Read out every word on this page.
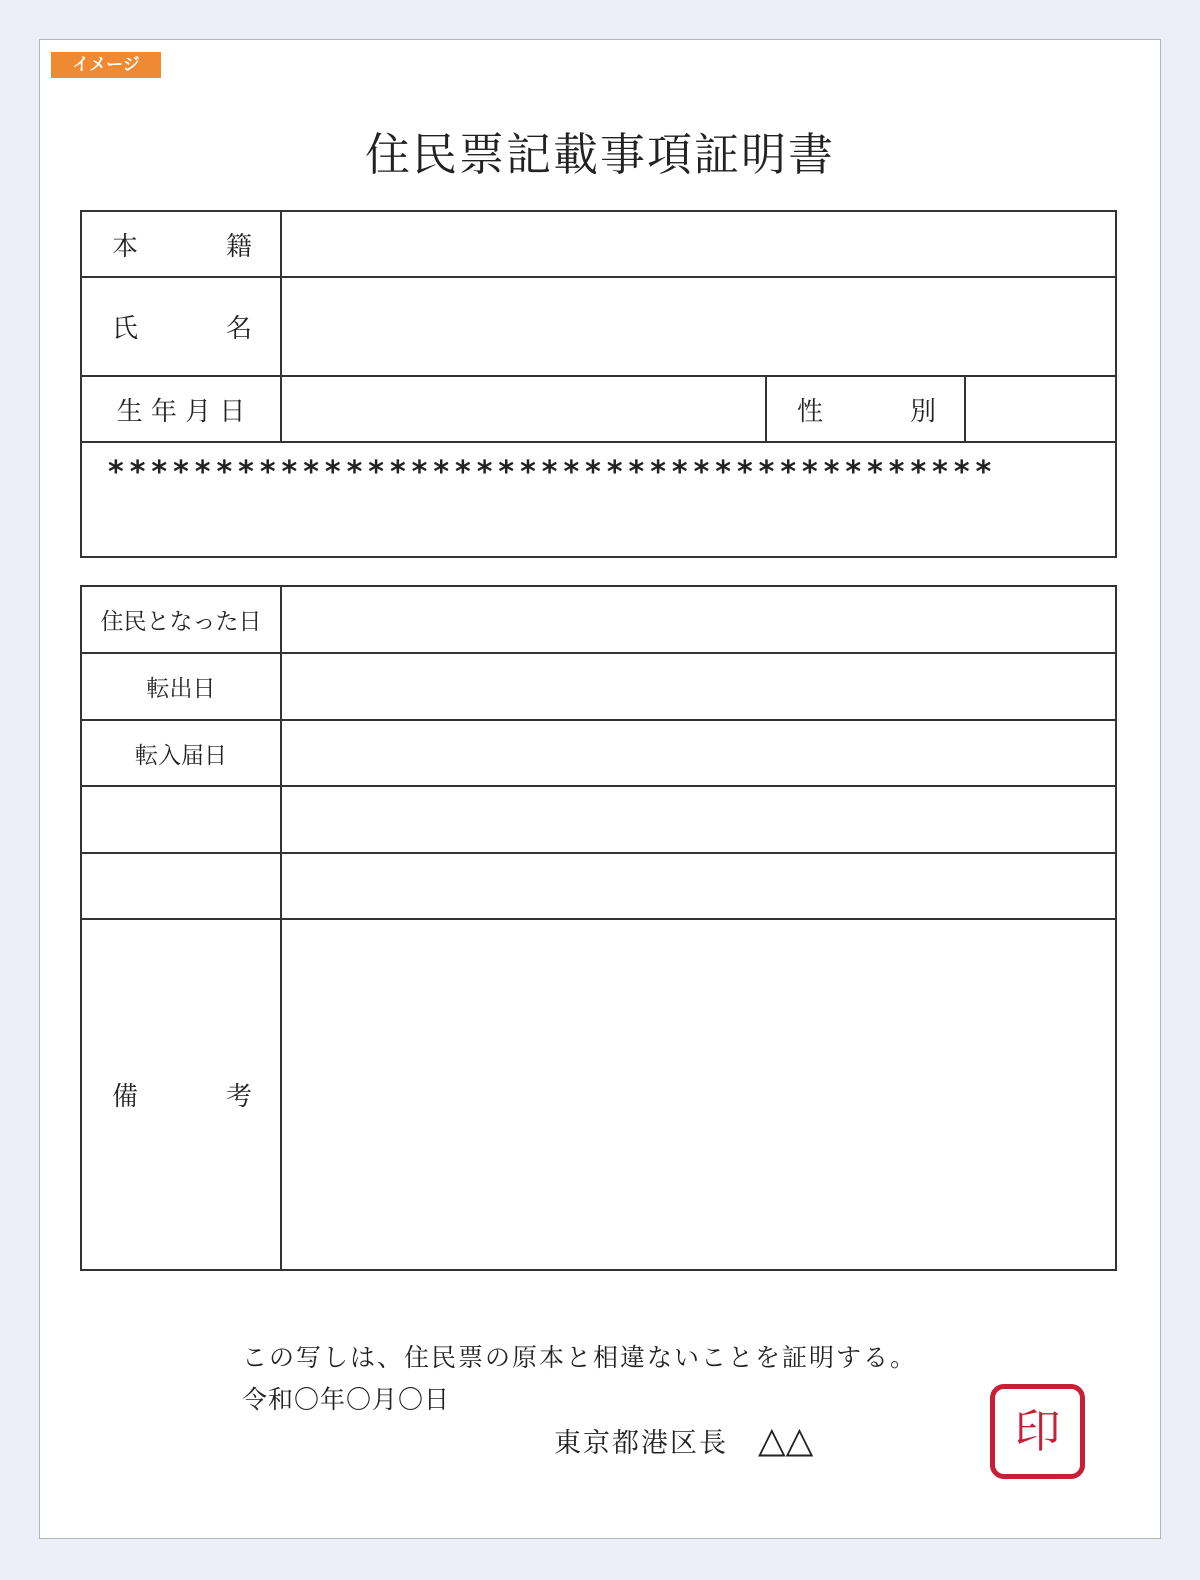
イメージ
住民票記載事項証明書
本 籍			

氏 名			

生 年 月 日		性 別	

*****************************************			
住民となった日	

転出日	

転入届日	

備 考	

この写しは、住民票の原本と相違ないことを証明する。
令和〇年〇月〇日
東京都港区長 △△	印
